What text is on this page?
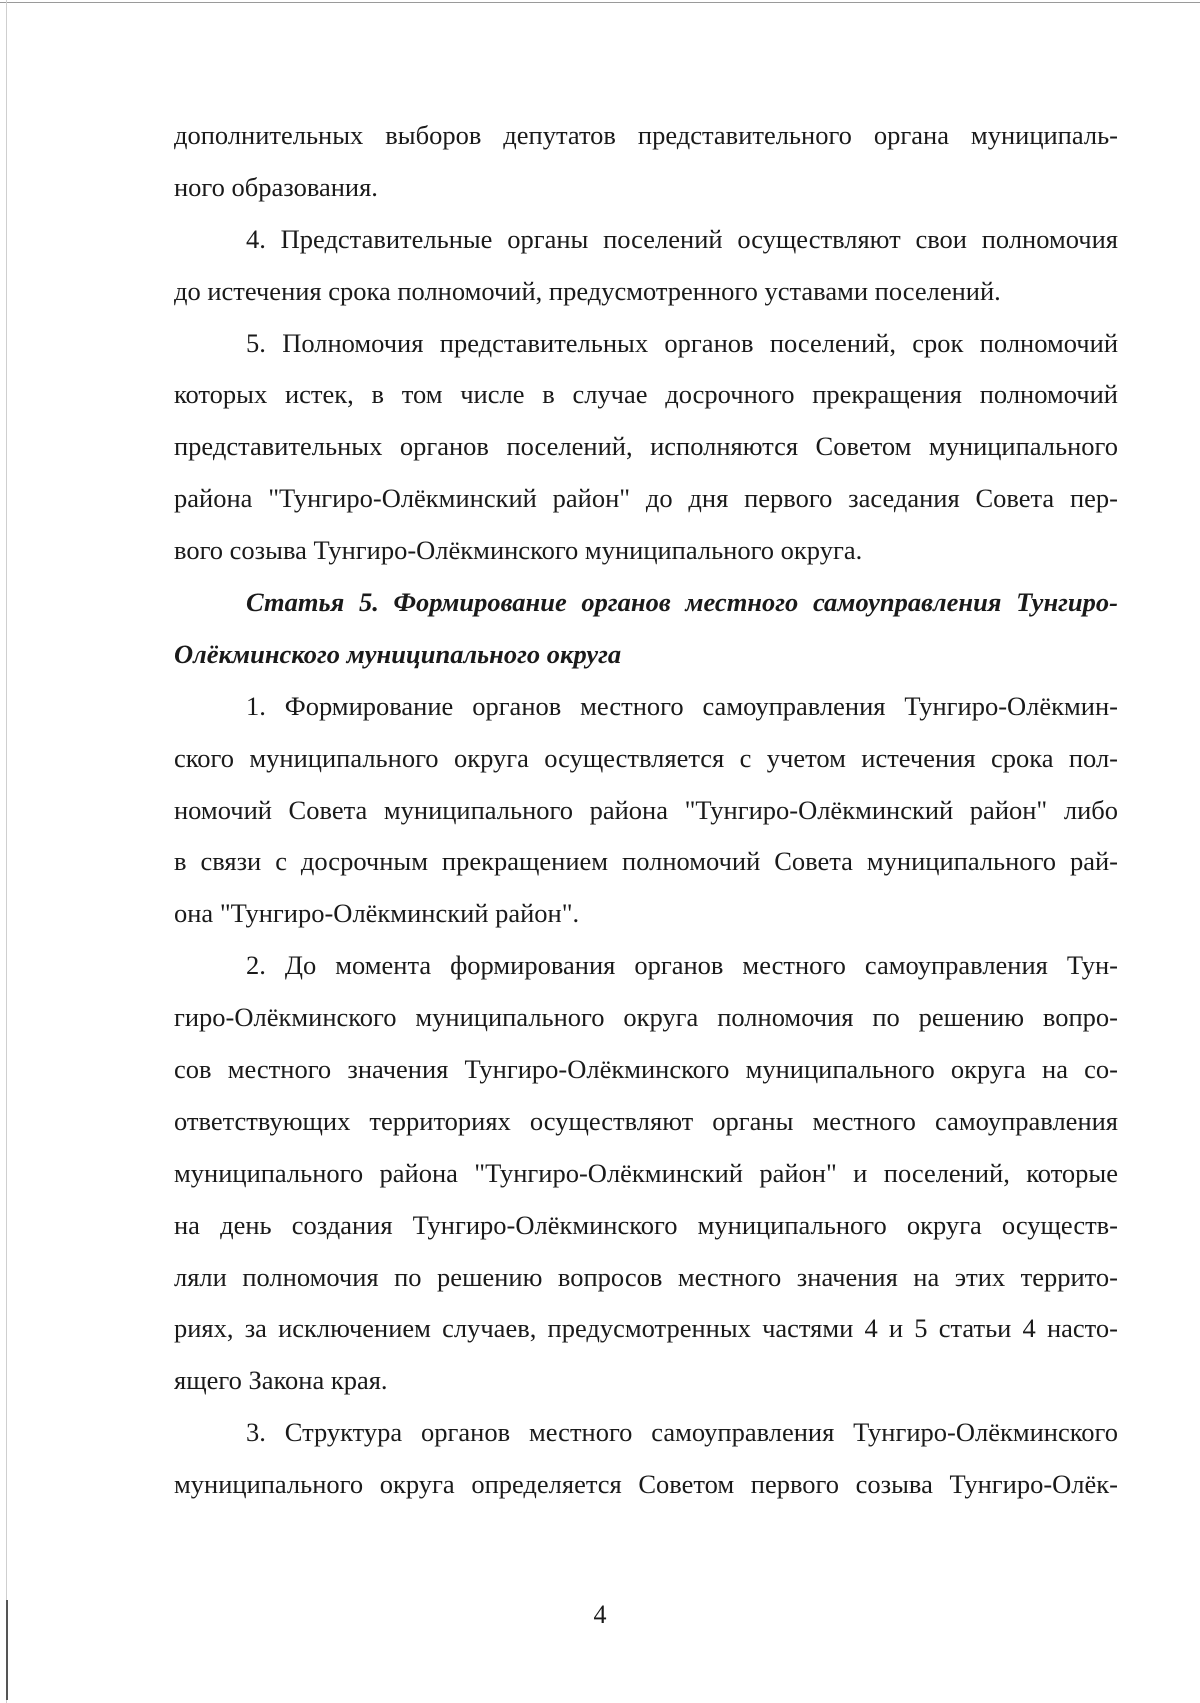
дополнительных выборов депутатов представительного органа муниципаль-
ного образования.
4. Представительные органы поселений осуществляют свои полномочия
до истечения срока полномочий, предусмотренного уставами поселений.
5. Полномочия представительных органов поселений, срок полномочий
которых истек, в том числе в случае досрочного прекращения полномочий
представительных органов поселений, исполняются Советом муниципального
района "Тунгиро-Олёкминский район" до дня первого заседания Совета пер-
вого созыва Тунгиро-Олёкминского муниципального округа.
Статья 5. Формирование органов местного самоуправления Тунгиро-
Олёкминского муниципального округа
1. Формирование органов местного самоуправления Тунгиро-Олёкмин-
ского муниципального округа осуществляется с учетом истечения срока пол-
номочий Совета муниципального района "Тунгиро-Олёкминский район" либо
в связи с досрочным прекращением полномочий Совета муниципального рай-
она "Тунгиро-Олёкминский район".
2. До момента формирования органов местного самоуправления Тун-
гиро-Олёкминского муниципального округа полномочия по решению вопро-
сов местного значения Тунгиро-Олёкминского муниципального округа на со-
ответствующих территориях осуществляют органы местного самоуправления
муниципального района "Тунгиро-Олёкминский район" и поселений, которые
на день создания Тунгиро-Олёкминского муниципального округа осуществ-
ляли полномочия по решению вопросов местного значения на этих террито-
риях, за исключением случаев, предусмотренных частями 4 и 5 статьи 4 насто-
ящего Закона края.
3. Структура органов местного самоуправления Тунгиро-Олёкминского
муниципального округа определяется Советом первого созыва Тунгиро-Олёк-
4
